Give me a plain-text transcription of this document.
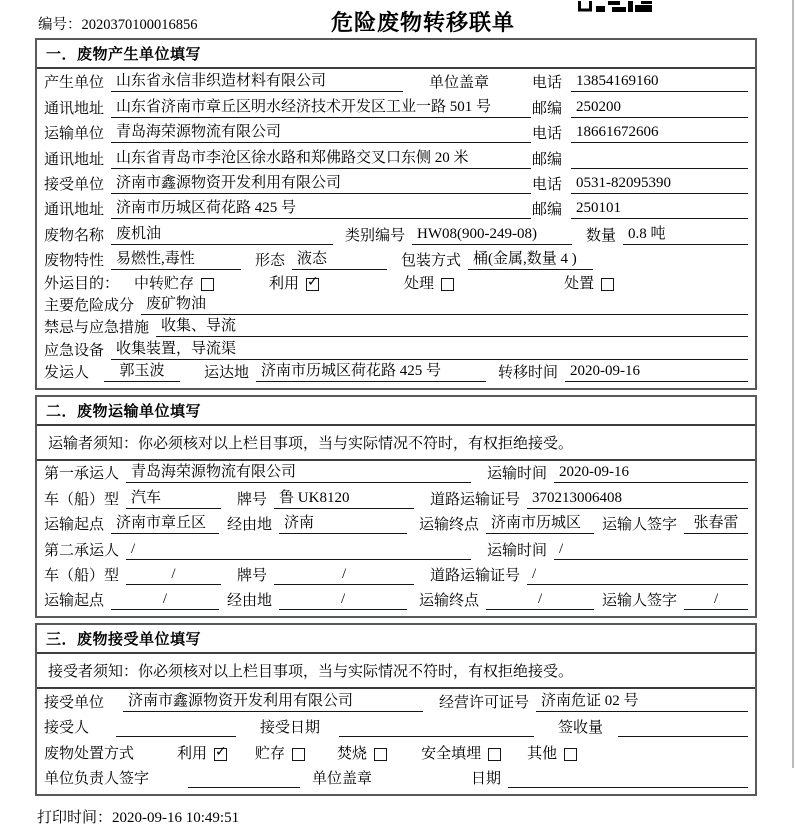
编号：2020370100016856	危险废物转移联单
一．废物产生单位填写
产生单位 山东省永信非织造材料有限公司	单位盖章	电话 13854169160
通讯地址 山东省济南市章丘区明水经济技术开发区工业一路 501 号	邮编 250200
运输单位 青岛海荣源物流有限公司	电话 18661672606
通讯地址 山东省青岛市李沧区徐水路和郑佛路交叉口东侧 20 米	邮编
接受单位 济南市鑫源物资开发利用有限公司	电话 0531-82095390
通讯地址 济南市历城区荷花路 425 号	邮编 250101
废物名称 废机油	类别编号 HW08(900-249-08)	数量 0.8 吨
废物特性 易燃性,毒性	形态 液态	包装方式 桶(金属,数量 4 )
外运目的： 中转贮存	利用 ✓	处理	处置
主要危险成分 废矿物油
禁忌与应急措施 收集、导流
应急设备 收集装置，导流渠
发运人	郭玉波	运达地 济南市历城区荷花路 425 号	转移时间 2020-09-16
二．废物运输单位填写
运输者须知：你必须核对以上栏目事项，当与实际情况不符时，有权拒绝接受。
第一承运人 青岛海荣源物流有限公司	运输时间 2020-09-16
车（船）型 汽车	牌号 鲁 UK8120	道路运输证号 370213006408
运输起点 济南市章丘区	经由地 济南	运输终点 济南市历城区	运输人签字	张春雷
第二承运人 /	运输时间 /
车（船）型	/	牌号	/	道路运输证号 /
运输起点	/	经由地	/	运输终点	/	运输人签字	/
三．废物接受单位填写
接受者须知：你必须核对以上栏目事项，当与实际情况不符时，有权拒绝接受。
接受单位	济南市鑫源物资开发利用有限公司	经营许可证号 济南危证 02 号
接受人	接受日期	签收量
废物处置方式	利用 ✓	贮存	焚烧	安全填埋	其他
单位负责人签字	单位盖章	日期
打印时间：2020-09-16 10:49:51
